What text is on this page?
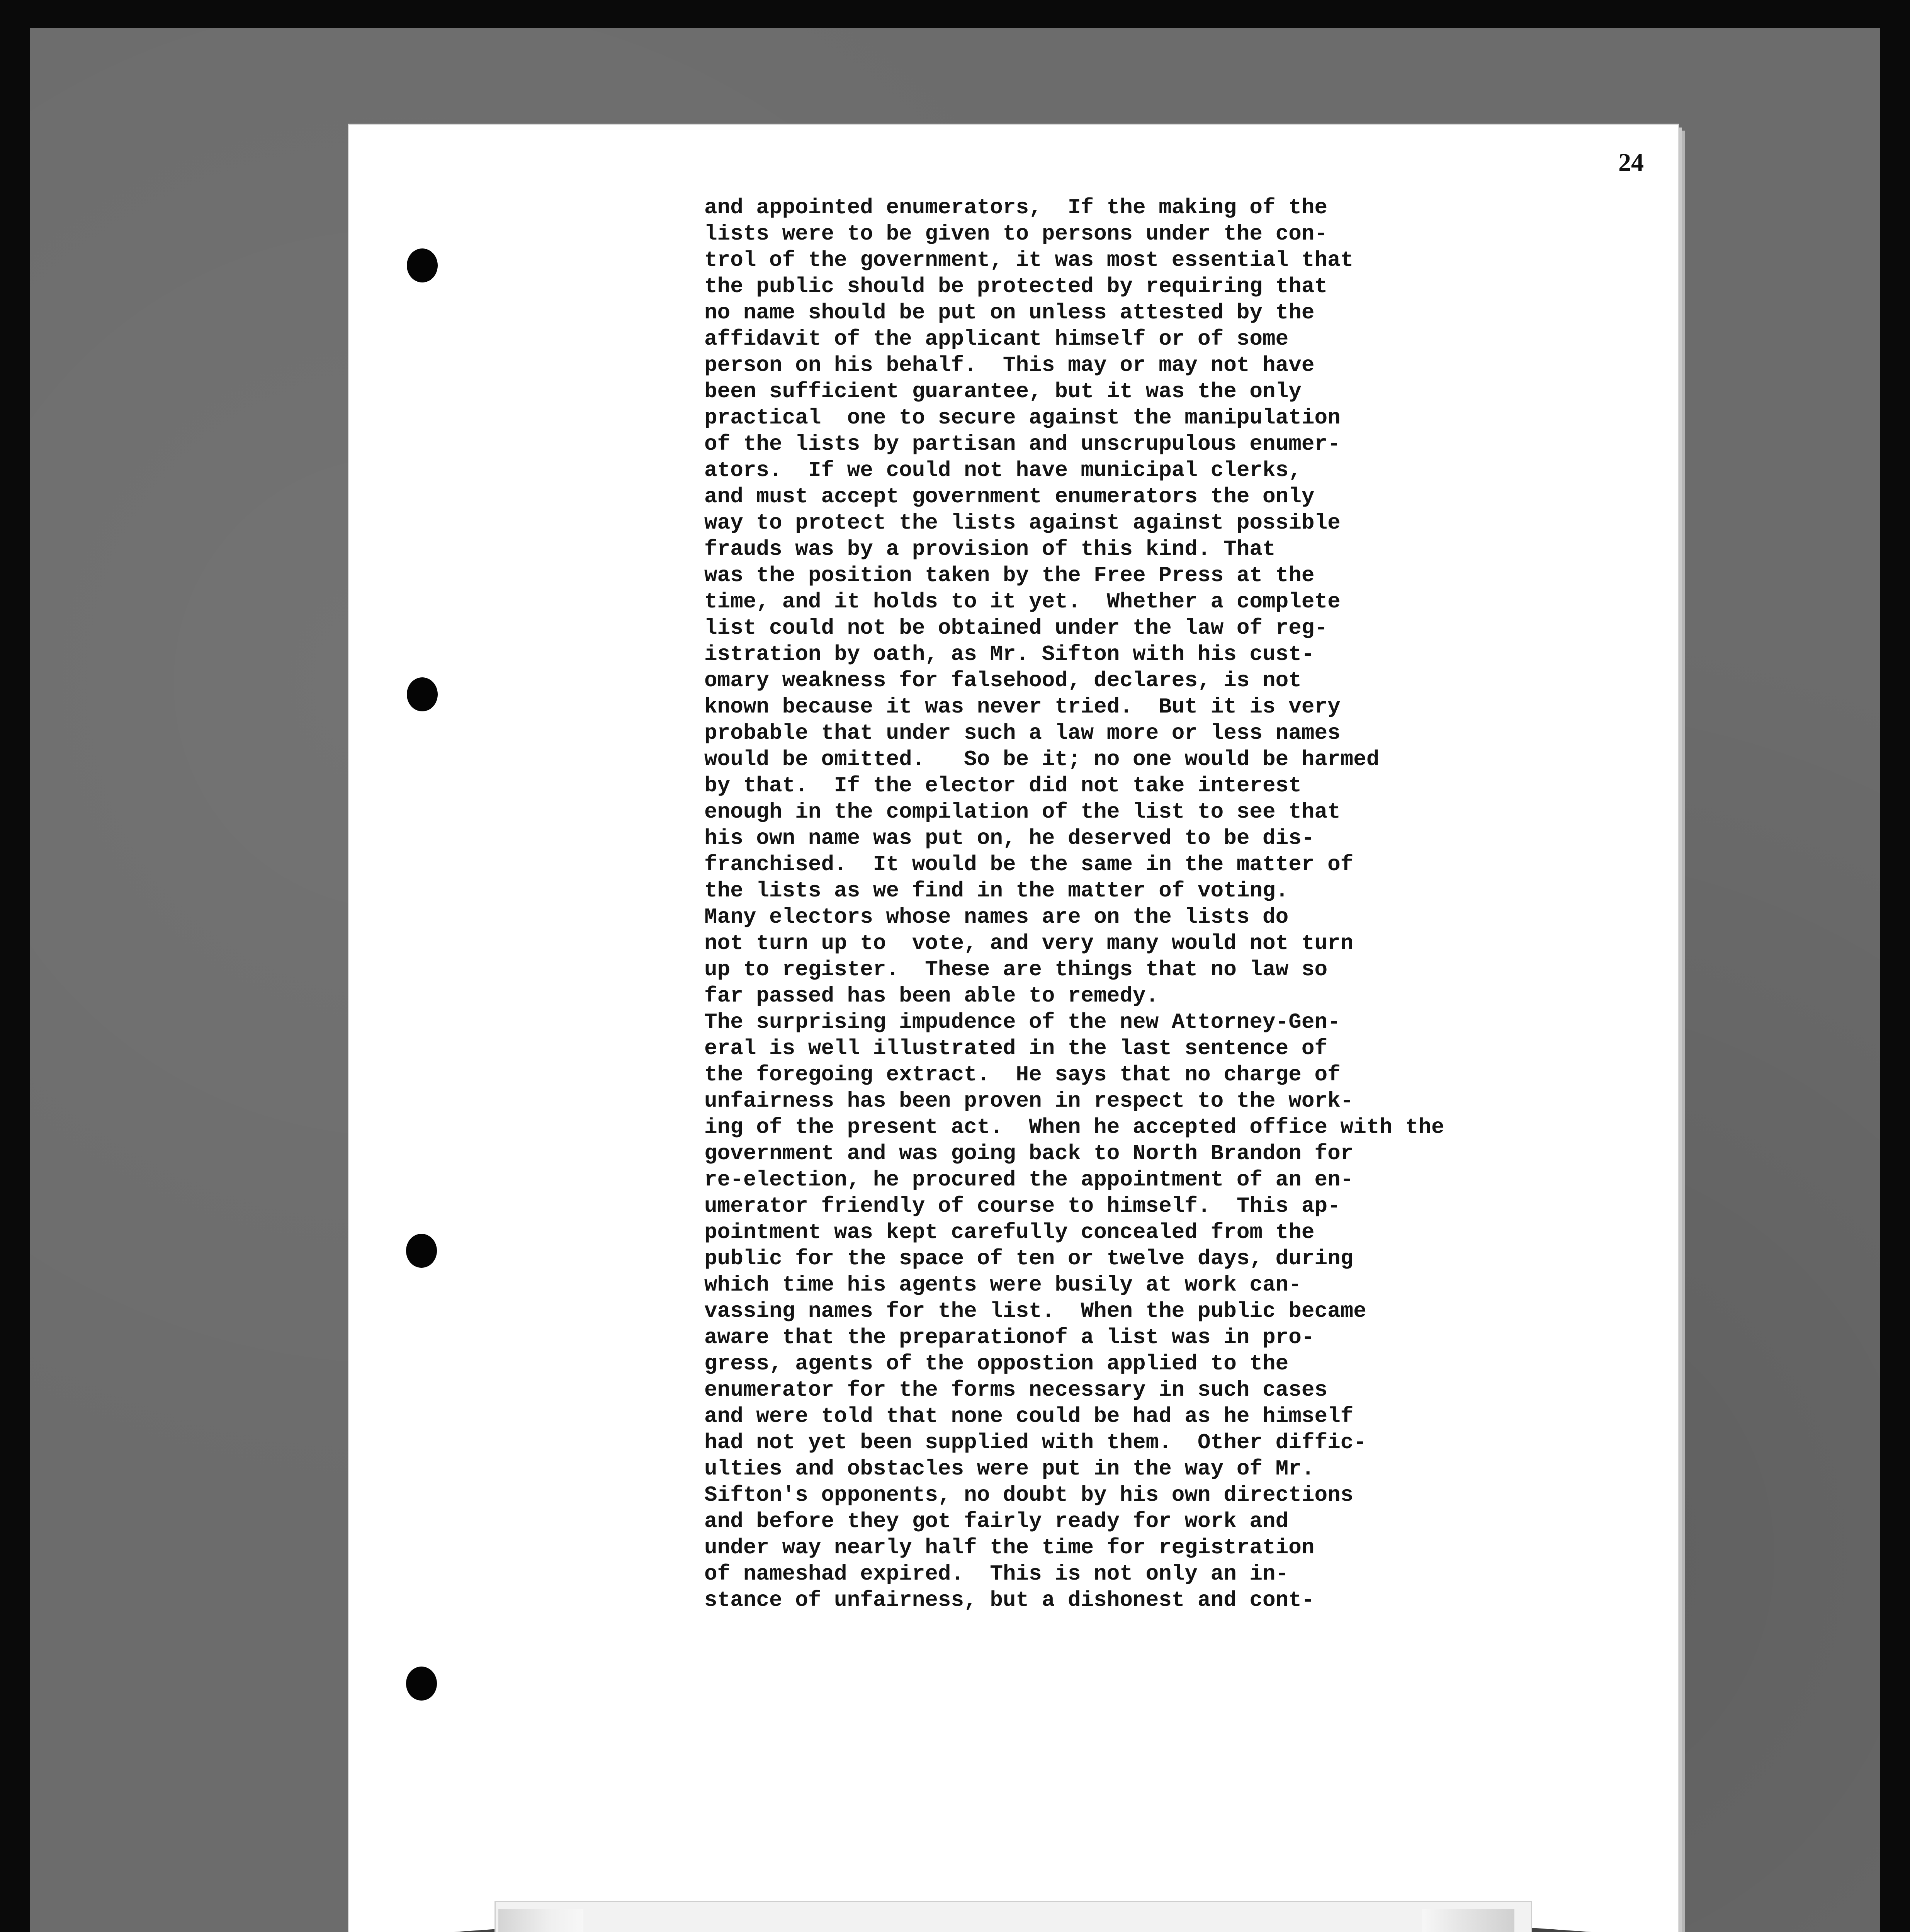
24
and appointed enumerators,  If the making of the
lists were to be given to persons under the con-
trol of the government, it was most essential that
the public should be protected by requiring that
no name should be put on unless attested by the
affidavit of the applicant himself or of some
person on his behalf.  This may or may not have
been sufficient guarantee, but it was the only
practical  one to secure against the manipulation
of the lists by partisan and unscrupulous enumer-
ators.  If we could not have municipal clerks,
and must accept government enumerators the only
way to protect the lists against against possible
frauds was by a provision of this kind. That
was the position taken by the Free Press at the
time, and it holds to it yet.  Whether a complete
list could not be obtained under the law of reg-
istration by oath, as Mr. Sifton with his cust-
omary weakness for falsehood, declares, is not
known because it was never tried.  But it is very
probable that under such a law more or less names
would be omitted.   So be it; no one would be harmed
by that.  If the elector did not take interest
enough in the compilation of the list to see that
his own name was put on, he deserved to be dis-
franchised.  It would be the same in the matter of
the lists as we find in the matter of voting.
Many electors whose names are on the lists do
not turn up to  vote, and very many would not turn
up to register.  These are things that no law so
far passed has been able to remedy.
The surprising impudence of the new Attorney-Gen-
eral is well illustrated in the last sentence of
the foregoing extract.  He says that no charge of
unfairness has been proven in respect to the work-
ing of the present act.  When he accepted office with the
government and was going back to North Brandon for
re-election, he procured the appointment of an en-
umerator friendly of course to himself.  This ap-
pointment was kept carefully concealed from the
public for the space of ten or twelve days, during
which time his agents were busily at work can-
vassing names for the list.  When the public became
aware that the preparationof a list was in pro-
gress, agents of the oppostion applied to the
enumerator for the forms necessary in such cases
and were told that none could be had as he himself
had not yet been supplied with them.  Other diffic-
ulties and obstacles were put in the way of Mr.
Sifton's opponents, no doubt by his own directions
and before they got fairly ready for work and
under way nearly half the time for registration
of nameshad expired.  This is not only an in-
stance of unfairness, but a dishonest and cont-
